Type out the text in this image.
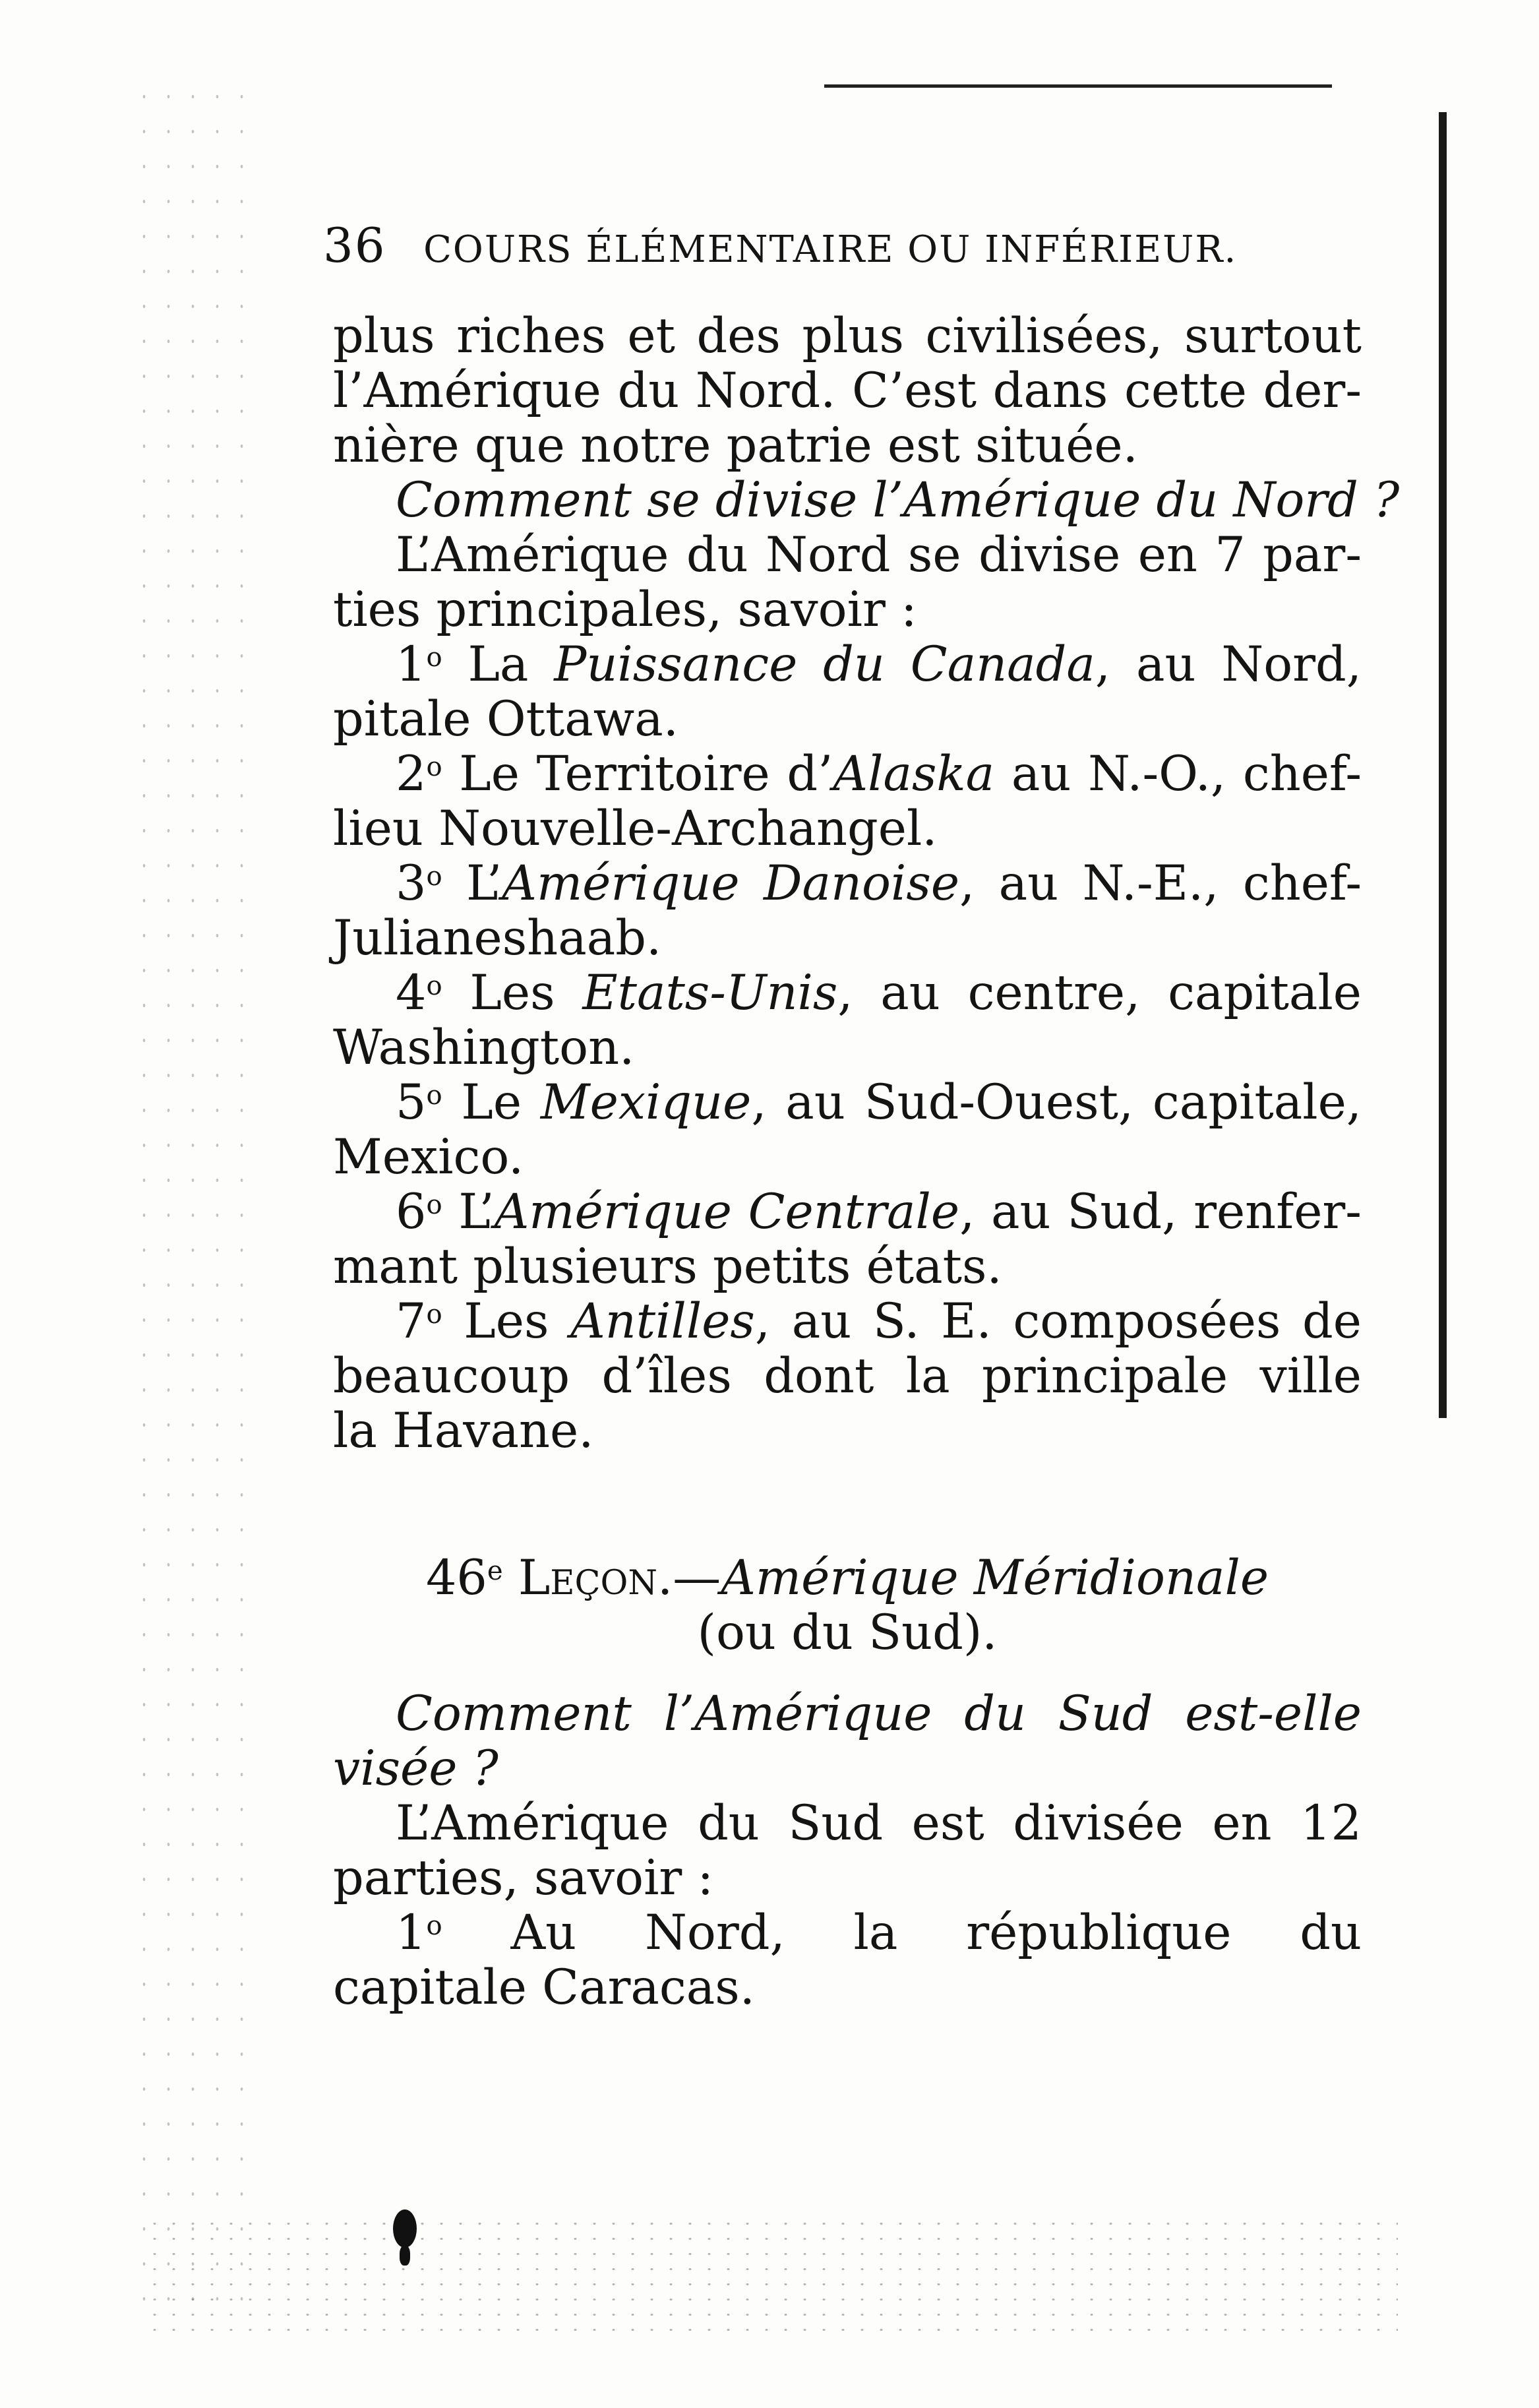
36 COURS ÉLÉMENTAIRE OU INFÉRIEUR.
plus riches et des plus civilisées, surtout
l’Amérique du Nord. C’est dans cette der-
nière que notre patrie est située.
Comment se divise l’Amérique du Nord ?
L’Amérique du Nord se divise en 7 par-
ties principales, savoir :
1$^o$ La Puissance du Canada, au Nord,
pitale Ottawa.
2$^o$ Le Territoire d’Alaska au N.-O., chef-
lieu Nouvelle-Archangel.
3$^o$ L’Amérique Danoise, au N.-E., chef-
Julianeshaab.
4$^o$ Les Etats-Unis, au centre, capitale
Washington.
5$^o$ Le Mexique, au Sud-Ouest, capitale,
Mexico.
6$^o$ L’Amérique Centrale, au Sud, renfer-
mant plusieurs petits états.
7$^o$ Les Antilles, au S. E. composées de
beaucoup d’îles dont la principale ville
la Havane.
46e Leçon.—Amérique Méridionale
(ou du Sud).
Comment l’Amérique du Sud est-elle
visée ?
L’Amérique du Sud est divisée en 12
parties, savoir :
1$^o$ Au Nord, la république du
capitale Caracas.
